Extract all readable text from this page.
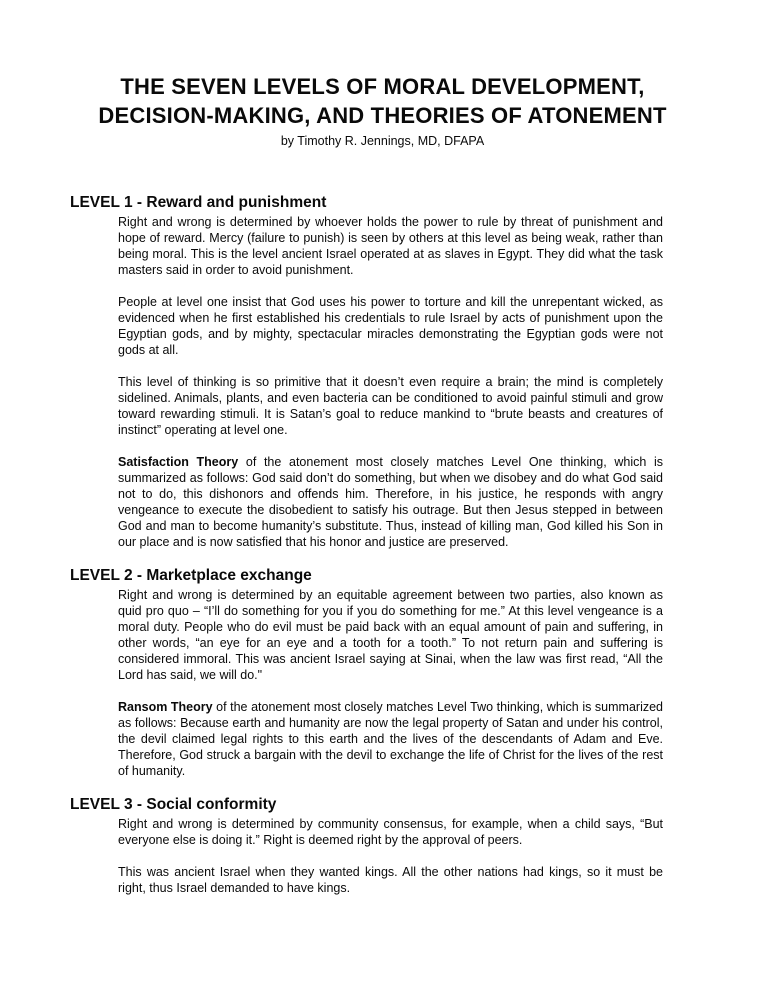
THE SEVEN LEVELS OF MORAL DEVELOPMENT,
DECISION-MAKING, AND THEORIES OF ATONEMENT
by Timothy R. Jennings, MD, DFAPA
LEVEL 1 - Reward and punishment

Right and wrong is determined by whoever holds the power to rule by threat of punishment and hope of reward. Mercy (failure to punish) is seen by others at this level as being weak, rather than being moral. This is the level ancient Israel operated at as slaves in Egypt. They did what the task masters said in order to avoid punishment.

People at level one insist that God uses his power to torture and kill the unrepentant wicked, as evidenced when he first established his credentials to rule Israel by acts of punishment upon the Egyptian gods, and by mighty, spectacular miracles demonstrating the Egyptian gods were not gods at all.

This level of thinking is so primitive that it doesn’t even require a brain; the mind is completely sidelined. Animals, plants, and even bacteria can be conditioned to avoid painful stimuli and grow toward rewarding stimuli. It is Satan’s goal to reduce mankind to “brute beasts and creatures of instinct” operating at level one.

Satisfaction Theory of the atonement most closely matches Level One thinking, which is summarized as follows: God said don’t do something, but when we disobey and do what God said not to do, this dishonors and offends him. Therefore, in his justice, he responds with angry vengeance to execute the disobedient to satisfy his outrage. But then Jesus stepped in between God and man to become humanity’s substitute. Thus, instead of killing man, God killed his Son in our place and is now satisfied that his honor and justice are preserved.

LEVEL 2 - Marketplace exchange

Right and wrong is determined by an equitable agreement between two parties, also known as quid pro quo – “I’ll do something for you if you do something for me.” At this level vengeance is a moral duty. People who do evil must be paid back with an equal amount of pain and suffering, in other words, “an eye for an eye and a tooth for a tooth.” To not return pain and suffering is considered immoral. This was ancient Israel saying at Sinai, when the law was first read, “All the Lord has said, we will do."

Ransom Theory of the atonement most closely matches Level Two thinking, which is summarized as follows: Because earth and humanity are now the legal property of Satan and under his control, the devil claimed legal rights to this earth and the lives of the descendants of Adam and Eve. Therefore, God struck a bargain with the devil to exchange the life of Christ for the lives of the rest of humanity.

LEVEL 3 - Social conformity

Right and wrong is determined by community consensus, for example, when a child says, “But everyone else is doing it.” Right is deemed right by the approval of peers.

This was ancient Israel when they wanted kings. All the other nations had kings, so it must be right, thus Israel demanded to have kings.
